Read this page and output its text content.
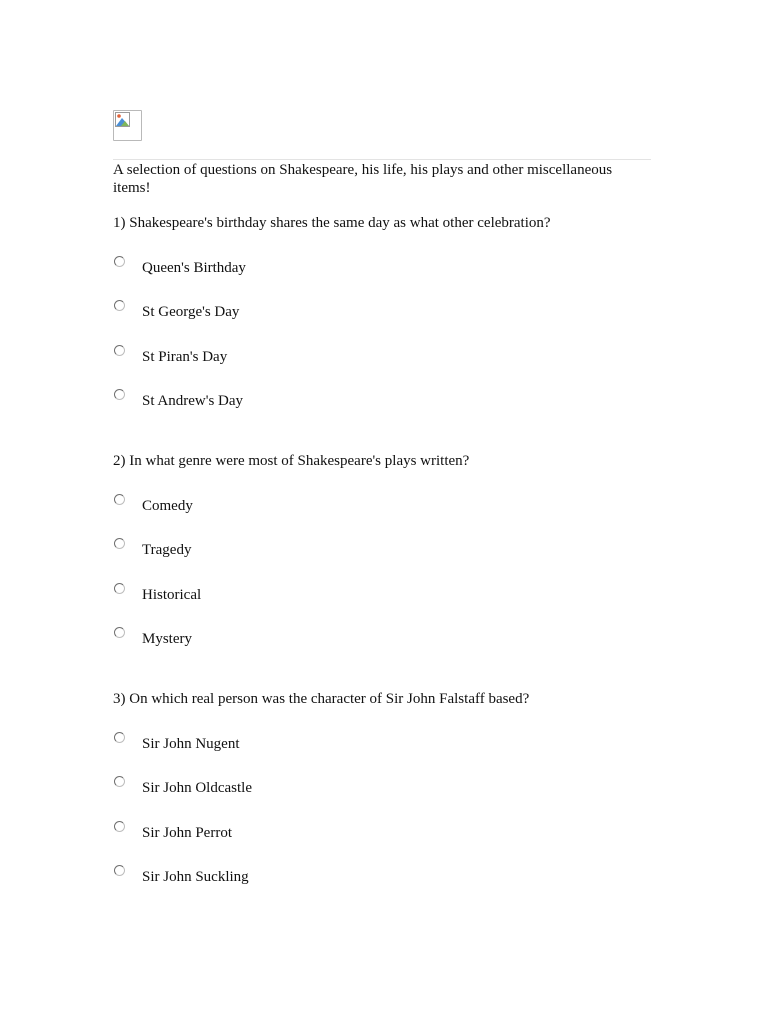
A selection of questions on Shakespeare, his life, his plays and other miscellaneous items!
1) Shakespeare's birthday shares the same day as what other celebration?
Queen's Birthday
St George's Day
St Piran's Day
St Andrew's Day
2) In what genre were most of Shakespeare's plays written?
Comedy
Tragedy
Historical
Mystery
3) On which real person was the character of Sir John Falstaff based?
Sir John Nugent
Sir John Oldcastle
Sir John Perrot
Sir John Suckling
